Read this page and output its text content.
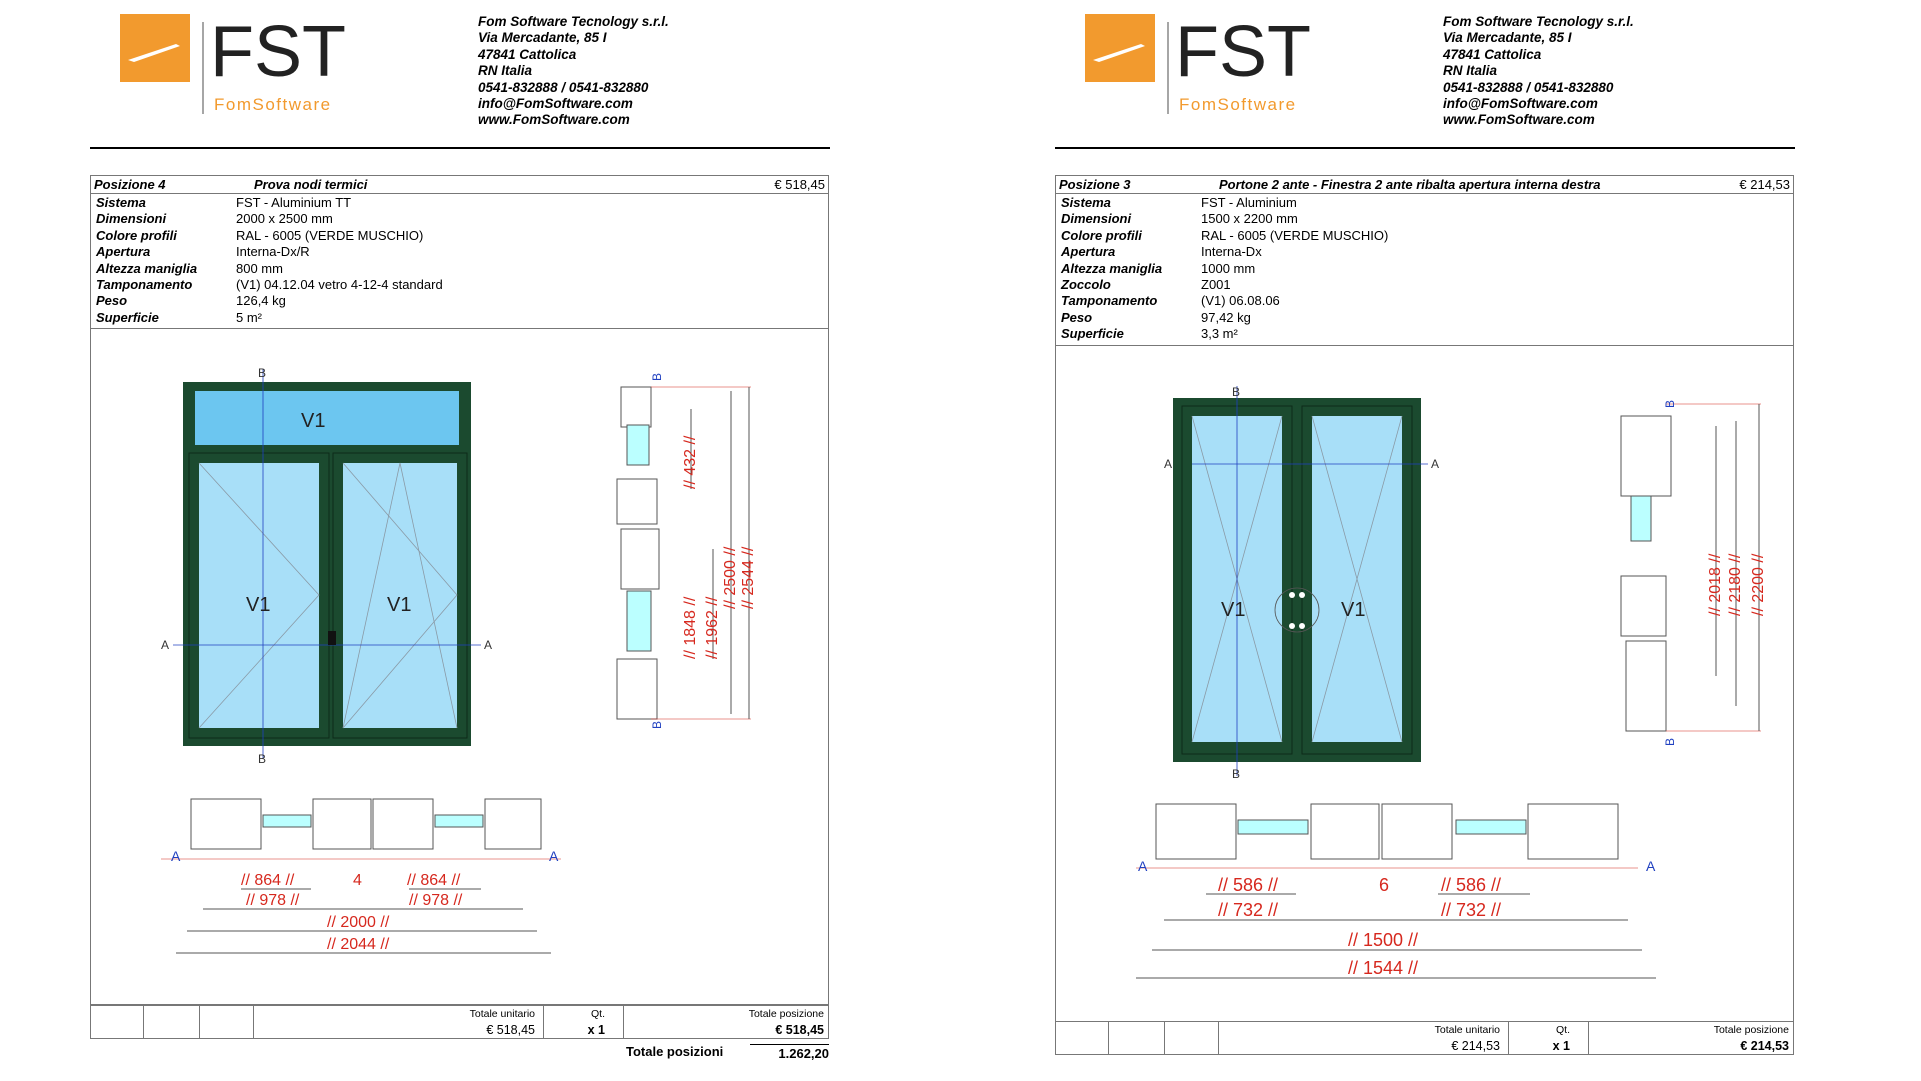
FST
FomSoftware
Fom Software Tecnology s.r.l.
Via Mercadante, 85 I
47841 Cattolica
RN Italia
0541-832888 / 0541-832880
info@FomSoftware.com
www.FomSoftware.com
Posizione 4	Prova nodi termici	€ 518,45
Sistema	FST - Aluminium TT
Dimensioni	2000 x 2500 mm
Colore profili	RAL - 6005 (VERDE MUSCHIO)
Apertura	Interna-Dx/R
Altezza maniglia	800 mm
Tamponamento	(V1) 04.12.04 vetro 4-12-4 standard
Peso	126,4 kg
Superficie	5 m²
V1
V1	V1
B
B
A	A
B
B
// 432 //
// 1848 // // 1962 //
// 2500 // // 2544 //
A	A
// 864 //	4	// 864 //
// 978 //	// 978 //
// 2000 //
// 2044 //
Totale unitario
€ 518,45
Qt.
x 1
Totale posizione
€ 518,45
Totale posizioni	1.262,20
FST
FomSoftware
Fom Software Tecnology s.r.l.
Via Mercadante, 85 I
47841 Cattolica
RN Italia
0541-832888 / 0541-832880
info@FomSoftware.com
www.FomSoftware.com
Posizione 3	Portone 2 ante - Finestra 2 ante ribalta apertura interna destra	€ 214,53
Sistema	FST - Aluminium
Dimensioni	1500 x 2200 mm
Colore profili	RAL - 6005 (VERDE MUSCHIO)
Apertura	Interna-Dx
Altezza maniglia	1000 mm
Zoccolo	Z001
Tamponamento	(V1) 06.08.06
Peso	97,42 kg
Superficie	3,3 m²
V1	V1
B
B
A	A
B
B
// 2018 // // 2180 // // 2200 //
A	A
// 586 //	6	// 586 //
// 732 //	// 732 //
// 1500 //
// 1544 //
Totale unitario
€ 214,53
Qt.
x 1
Totale posizione
€ 214,53
